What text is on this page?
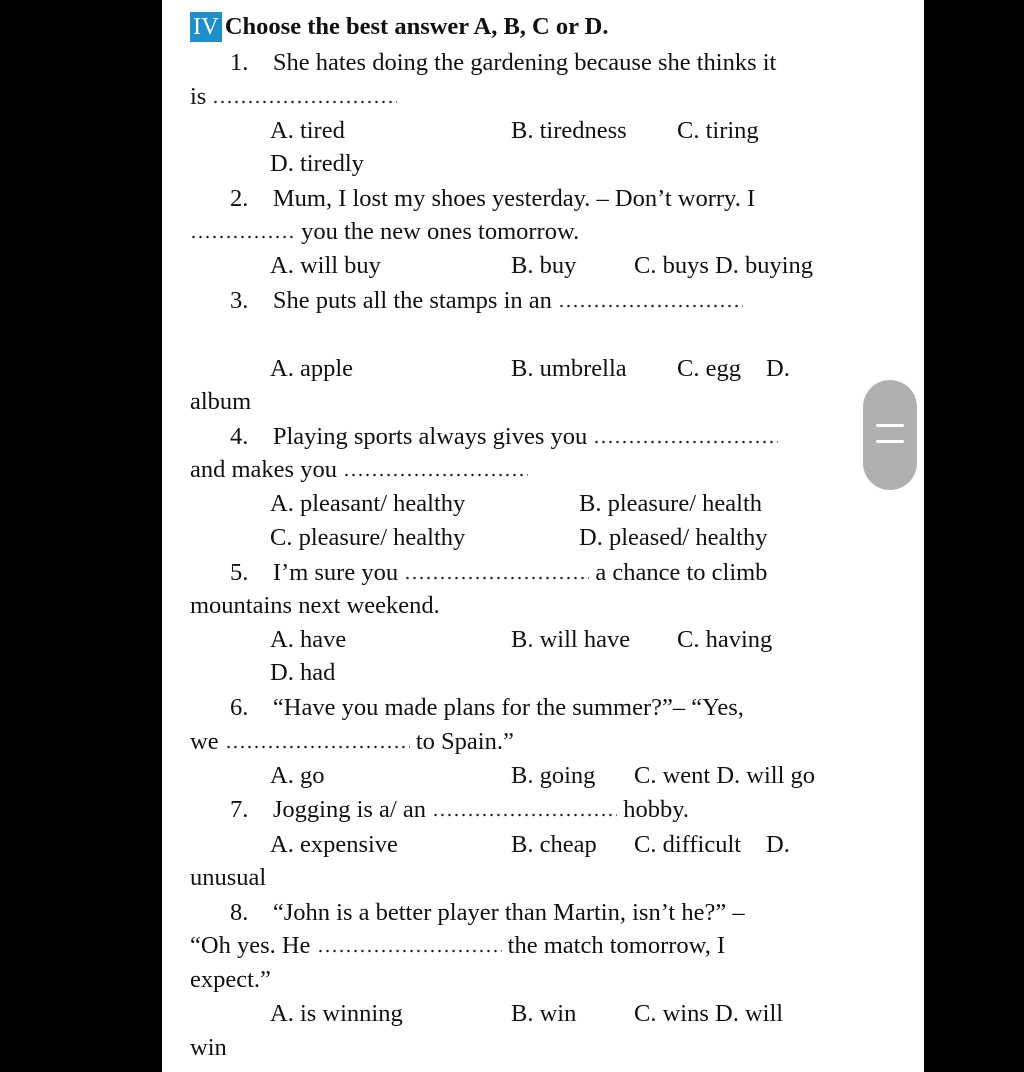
IV Choose the best answer A, B, C or D.
1. She hates doing the gardening because she thinks it
is
A. tired	B. tiredness C. tiring
D. tiredly
2. Mum, I lost my shoes yesterday. – Don’t worry. I
you the new ones tomorrow.
A. will buy	B. buy C. buys D. buying
3. She puts all the stamps in an
A. apple	B. umbrella C. egg D.
album
4. Playing sports always gives you
and makes you
A. pleasant/ healthy	B. pleasure/ health
C. pleasure/ healthy	D. pleased/ healthy
5. I’m sure you	a chance to climb
mountains next weekend.
A. have	B. will have C. having
D. had
6. “Have you made plans for the summer?”– “Yes,
we	to Spain.”
A. go	B. going C. went D. will go
7. Jogging is a/ an	hobby.
A. expensive	B. cheap C. difficult D.
unusual
8. “John is a better player than Martin, isn’t he?” –
“Oh yes. He	the match tomorrow, I
expect.”
A. is winning	B. win C. wins D. will
win
